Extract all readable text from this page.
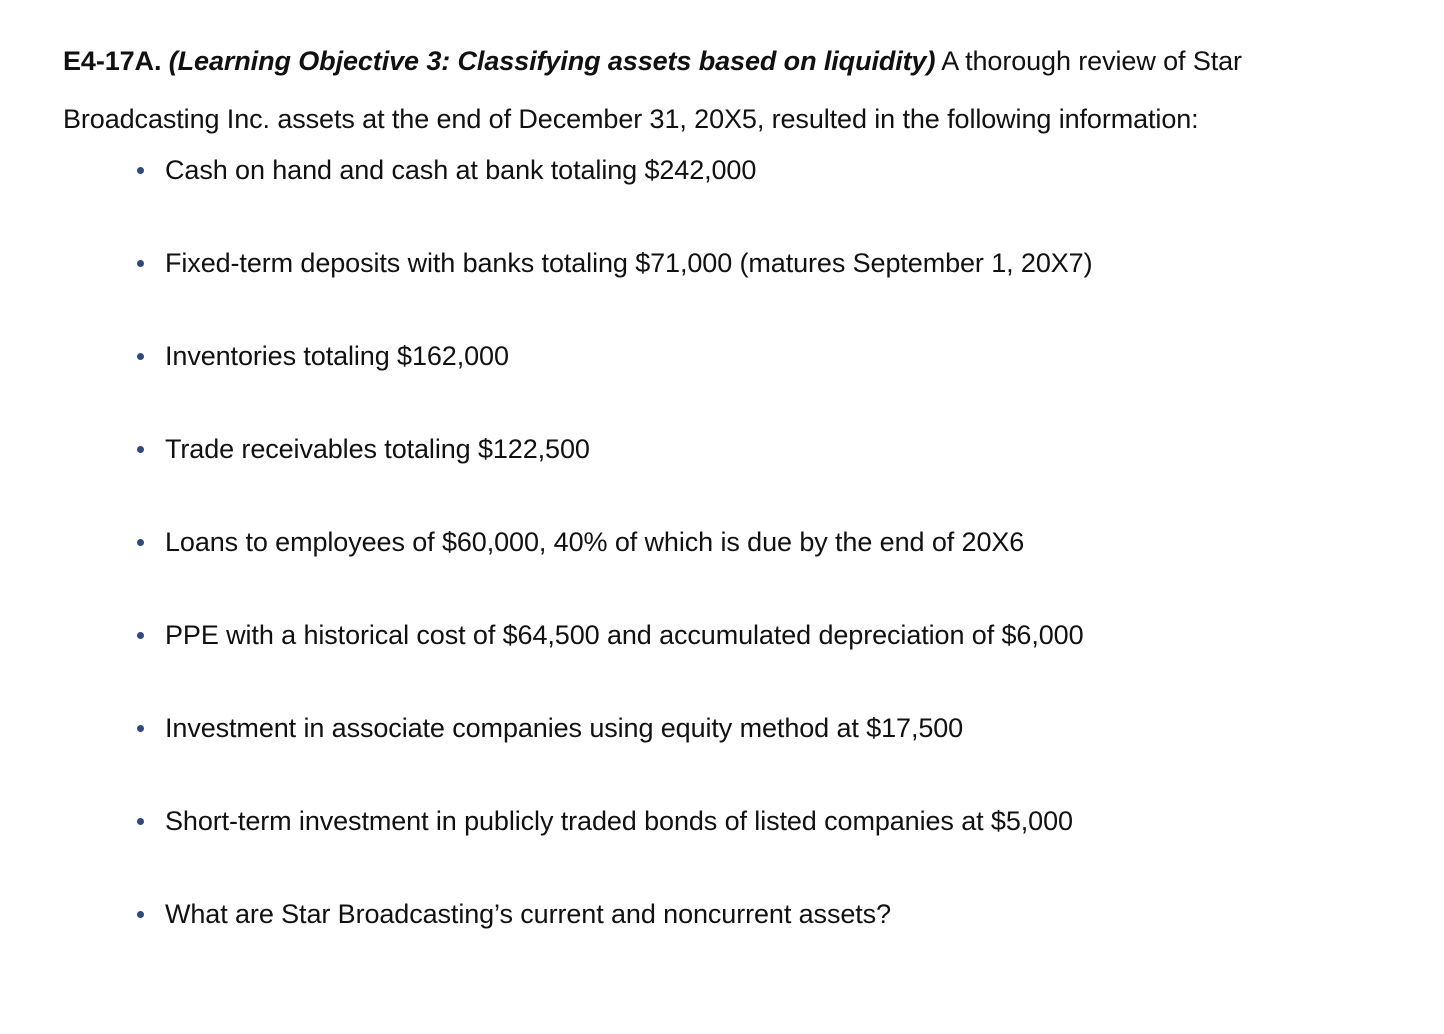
E4-17A. (Learning Objective 3: Classifying assets based on liquidity) A thorough review of Star Broadcasting Inc. assets at the end of December 31, 20X5, resulted in the following information:

Cash on hand and cash at bank totaling $242,000
Fixed-term deposits with banks totaling $71,000 (matures September 1, 20X7)
Inventories totaling $162,000
Trade receivables totaling $122,500
Loans to employees of $60,000, 40% of which is due by the end of 20X6
PPE with a historical cost of $64,500 and accumulated depreciation of $6,000
Investment in associate companies using equity method at $17,500
Short-term investment in publicly traded bonds of listed companies at $5,000
What are Star Broadcasting’s current and noncurrent assets?
